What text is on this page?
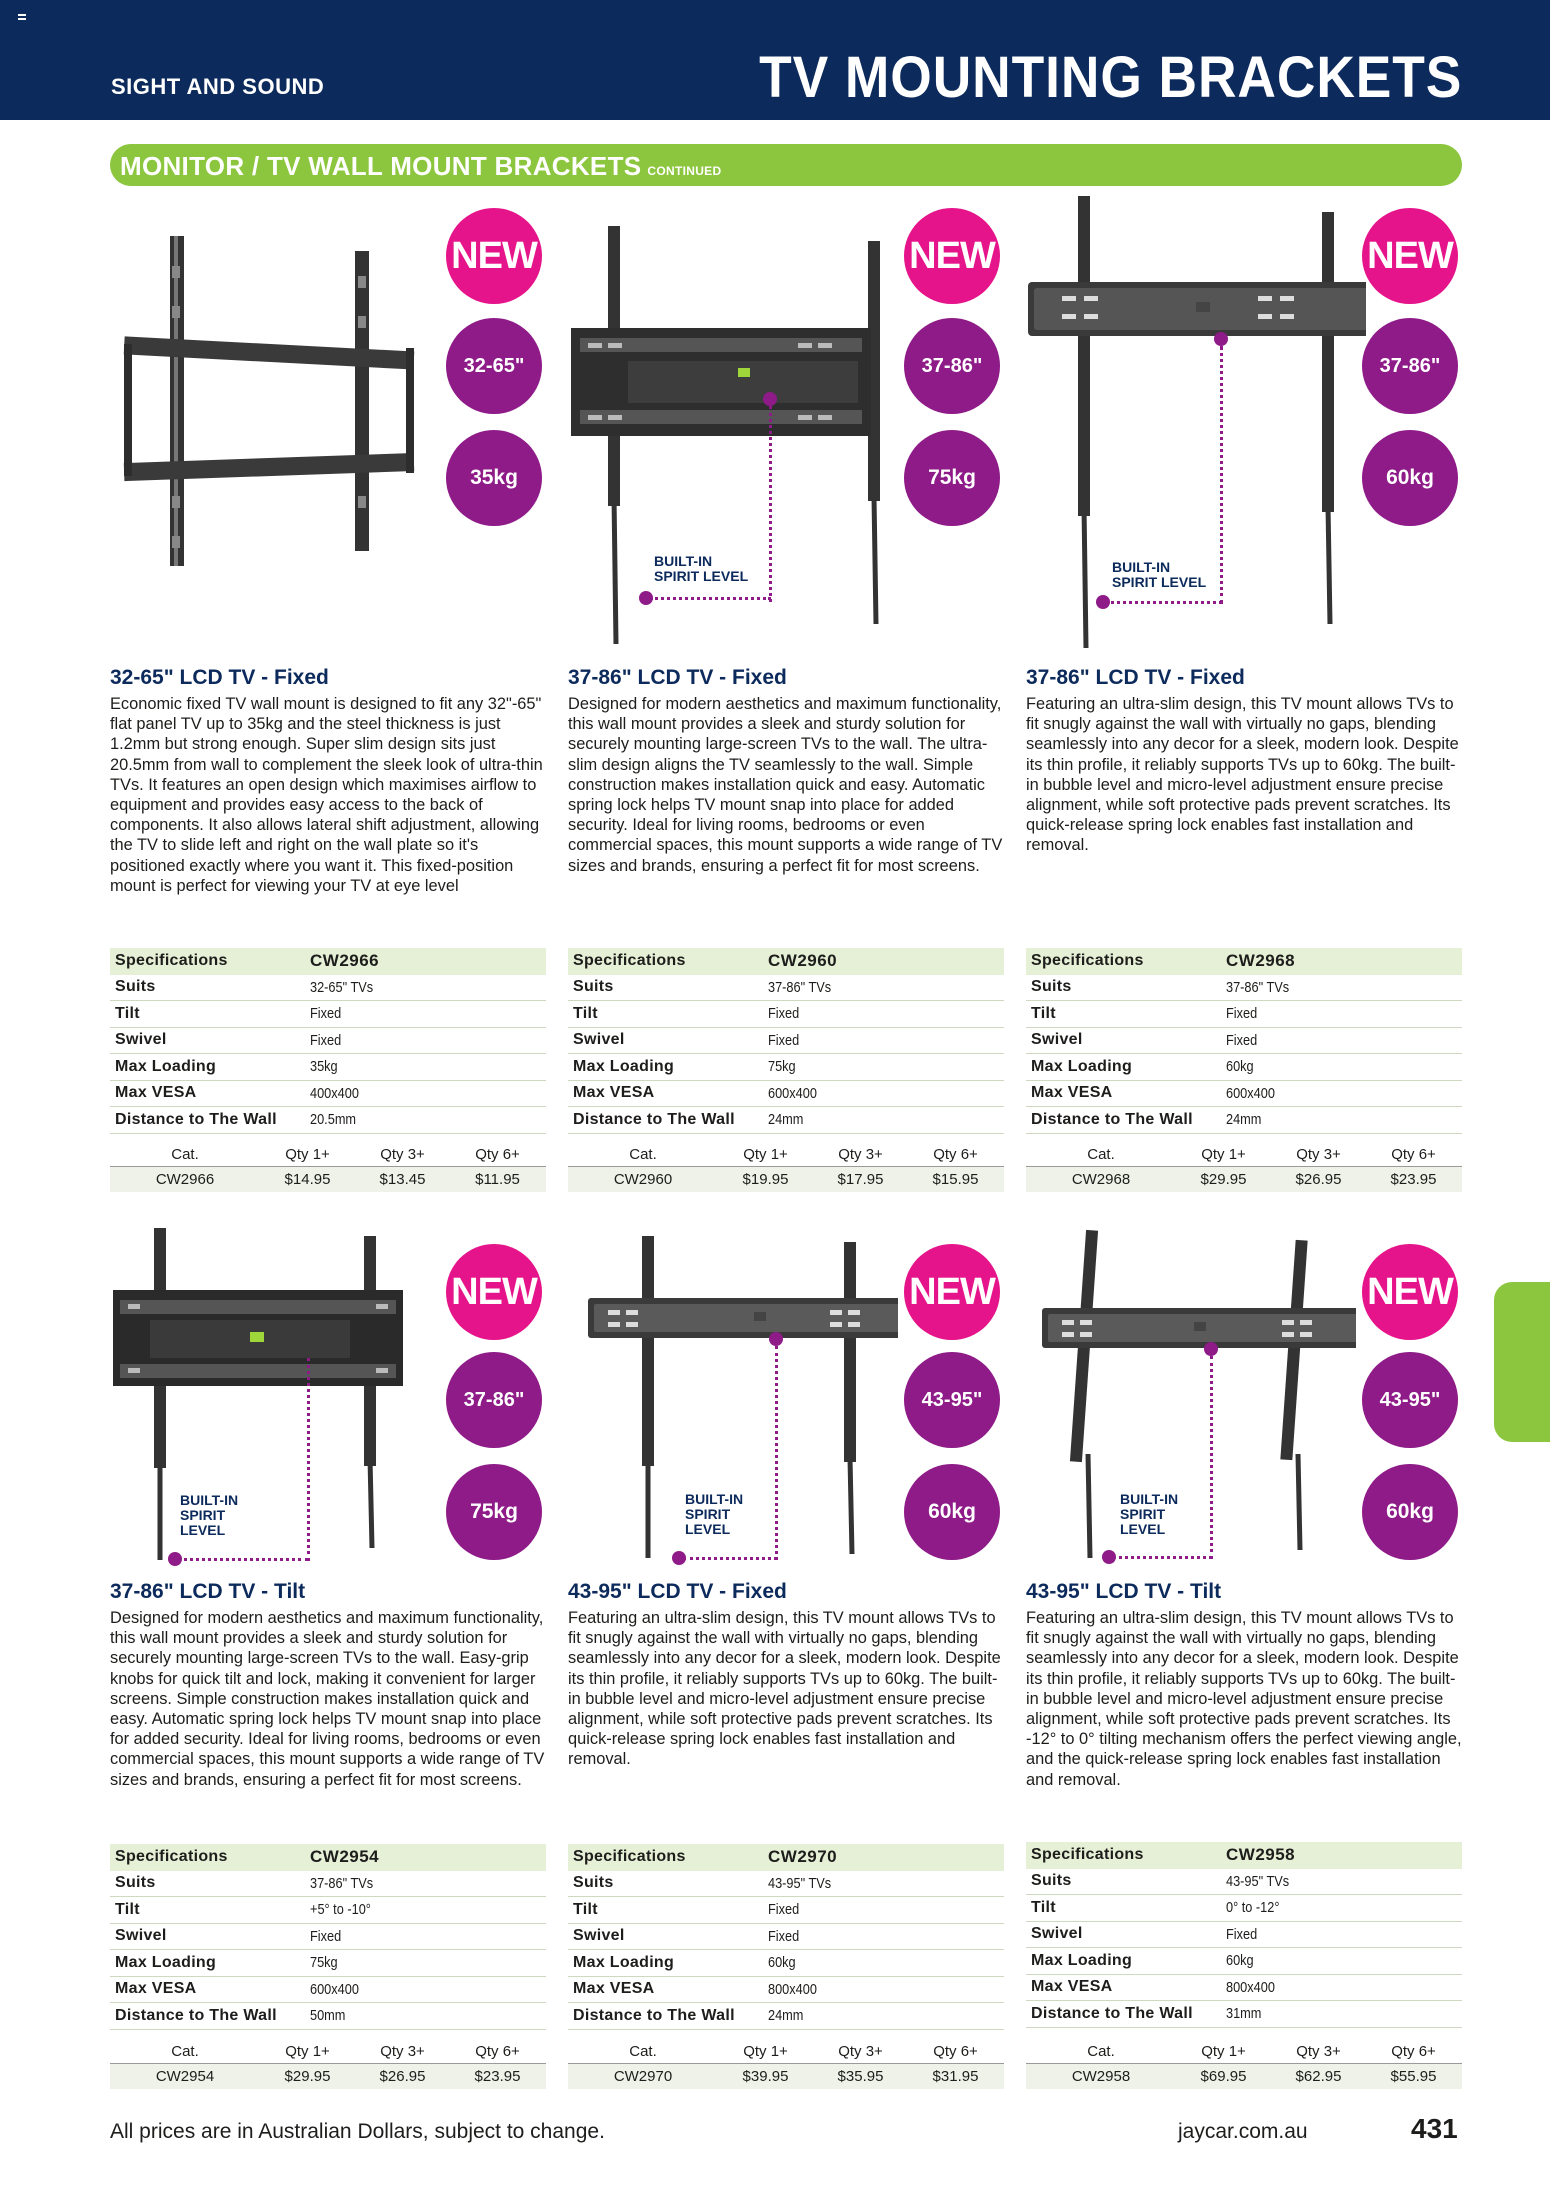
SIGHT AND SOUND	TV MOUNTING BRACKETS
MONITOR / TV WALL MOUNT BRACKETS CONTINUED
NEW
32-65"
35kg
32-65" LCD TV - Fixed
Economic fixed TV wall mount is designed to fit any 32"-65" flat panel TV up to 35kg and the steel thickness is just 1.2mm but strong enough. Super slim design sits just 20.5mm from wall to complement the sleek look of ultra-thin TVs. It features an open design which maximises airflow to equipment and provides easy access to the back of components. It also allows lateral shift adjustment, allowing the TV to slide left and right on the wall plate so it's positioned exactly where you want it. This fixed-position mount is perfect for viewing your TV at eye level
Specifications	CW2966
Suits	32-65" TVs
Tilt	Fixed
Swivel	Fixed
Max Loading	35kg
Max VESA	400x400
Distance to The Wall	20.5mm
Cat.	Qty 1+	Qty 3+	Qty 6+
CW2966	$14.95	$13.45	$11.95
BUILT-IN
SPIRIT LEVEL
NEW
37-86"
75kg
37-86" LCD TV - Fixed
Designed for modern aesthetics and maximum functionality, this wall mount provides a sleek and sturdy solution for securely mounting large-screen TVs to the wall. The ultra-slim design aligns the TV seamlessly to the wall. Simple construction makes installation quick and easy. Automatic spring lock helps TV mount snap into place for added security. Ideal for living rooms, bedrooms or even commercial spaces, this mount supports a wide range of TV sizes and brands, ensuring a perfect fit for most screens.
Specifications	CW2960
Suits	37-86" TVs
Tilt	Fixed
Swivel	Fixed
Max Loading	75kg
Max VESA	600x400
Distance to The Wall	24mm
Cat.	Qty 1+	Qty 3+	Qty 6+
CW2960	$19.95	$17.95	$15.95
BUILT-IN
SPIRIT LEVEL
NEW
37-86"
60kg
37-86" LCD TV - Fixed
Featuring an ultra-slim design, this TV mount allows TVs to fit snugly against the wall with virtually no gaps, blending seamlessly into any decor for a sleek, modern look. Despite its thin profile, it reliably supports TVs up to 60kg. The built-in bubble level and micro-level adjustment ensure precise alignment, while soft protective pads prevent scratches. Its quick-release spring lock enables fast installation and removal.
Specifications	CW2968
Suits	37-86" TVs
Tilt	Fixed
Swivel	Fixed
Max Loading	60kg
Max VESA	600x400
Distance to The Wall	24mm
Cat.	Qty 1+	Qty 3+	Qty 6+
CW2968	$29.95	$26.95	$23.95
BUILT-IN
SPIRIT
LEVEL
NEW
37-86"
75kg
37-86" LCD TV - Tilt
Designed for modern aesthetics and maximum functionality, this wall mount provides a sleek and sturdy solution for securely mounting large-screen TVs to the wall. Easy-grip knobs for quick tilt and lock, making it convenient for larger screens. Simple construction makes installation quick and easy. Automatic spring lock helps TV mount snap into place for added security. Ideal for living rooms, bedrooms or even commercial spaces, this mount supports a wide range of TV sizes and brands, ensuring a perfect fit for most screens.
Specifications	CW2954
Suits	37-86" TVs
Tilt	+5° to -10°
Swivel	Fixed
Max Loading	75kg
Max VESA	600x400
Distance to The Wall	50mm
Cat.	Qty 1+	Qty 3+	Qty 6+
CW2954	$29.95	$26.95	$23.95
BUILT-IN
SPIRIT
LEVEL
NEW
43-95"
60kg
43-95" LCD TV - Fixed
Featuring an ultra-slim design, this TV mount allows TVs to fit snugly against the wall with virtually no gaps, blending seamlessly into any decor for a sleek, modern look. Despite its thin profile, it reliably supports TVs up to 60kg. The built-in bubble level and micro-level adjustment ensure precise alignment, while soft protective pads prevent scratches. Its quick-release spring lock enables fast installation and removal.
Specifications	CW2970
Suits	43-95" TVs
Tilt	Fixed
Swivel	Fixed
Max Loading	60kg
Max VESA	800x400
Distance to The Wall	24mm
Cat.	Qty 1+	Qty 3+	Qty 6+
CW2970	$39.95	$35.95	$31.95
BUILT-IN
SPIRIT
LEVEL
NEW
43-95"
60kg
43-95" LCD TV - Tilt
Featuring an ultra-slim design, this TV mount allows TVs to fit snugly against the wall with virtually no gaps, blending seamlessly into any decor for a sleek, modern look. Despite its thin profile, it reliably supports TVs up to 60kg. The built-in bubble level and micro-level adjustment ensure precise alignment, while soft protective pads prevent scratches. Its -12° to 0° tilting mechanism offers the perfect viewing angle, and the quick-release spring lock enables fast installation and removal.
Specifications	CW2958
Suits	43-95" TVs
Tilt	0° to -12°
Swivel	Fixed
Max Loading	60kg
Max VESA	800x400
Distance to The Wall	31mm
Cat.	Qty 1+	Qty 3+	Qty 6+
CW2958	$69.95	$62.95	$55.95
All prices are in Australian Dollars, subject to change.	jaycar.com.au	431
